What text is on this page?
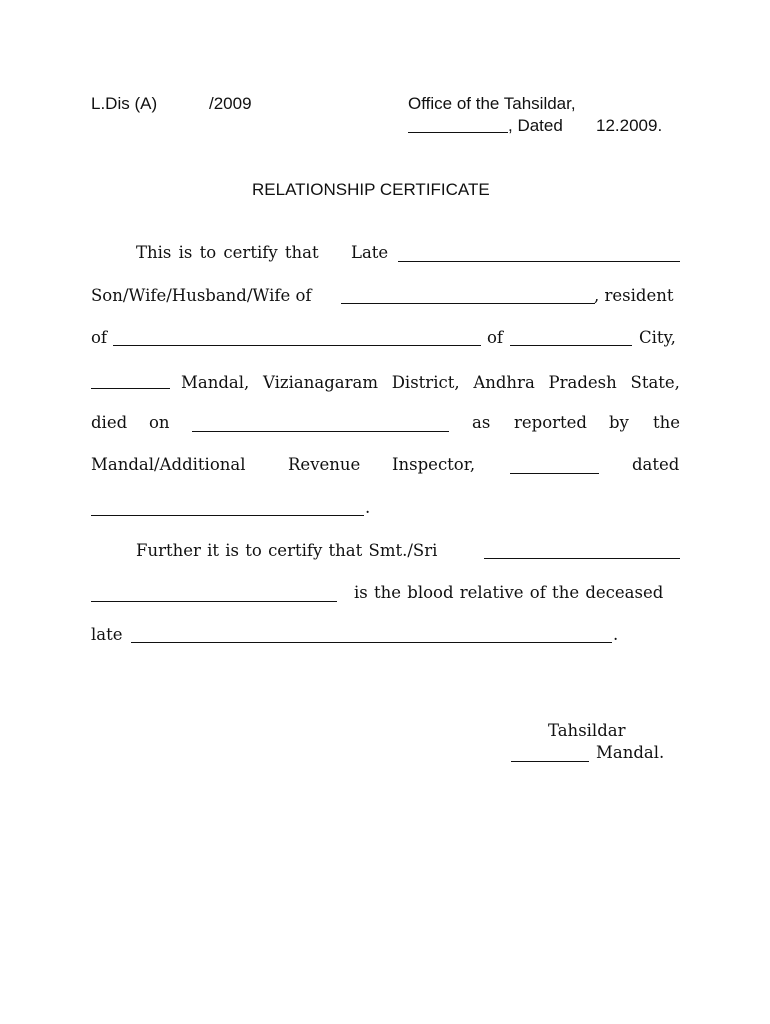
L.Dis (A)	/2009	Office of the Tahsildar,
, Dated 12.2009.
RELATIONSHIP CERTIFICATE
This is to certify that Late
Son/Wife/Husband/Wife of	, resident
of	of	City,
Mandal, Vizianagaram District, Andhra Pradesh State,
died on	as reported by the
Mandal/Additional	Revenue Inspector,	dated
.
Further it is to certify that Smt./Sri
is the blood relative of the deceased
late	.
Tahsildar
Mandal.
